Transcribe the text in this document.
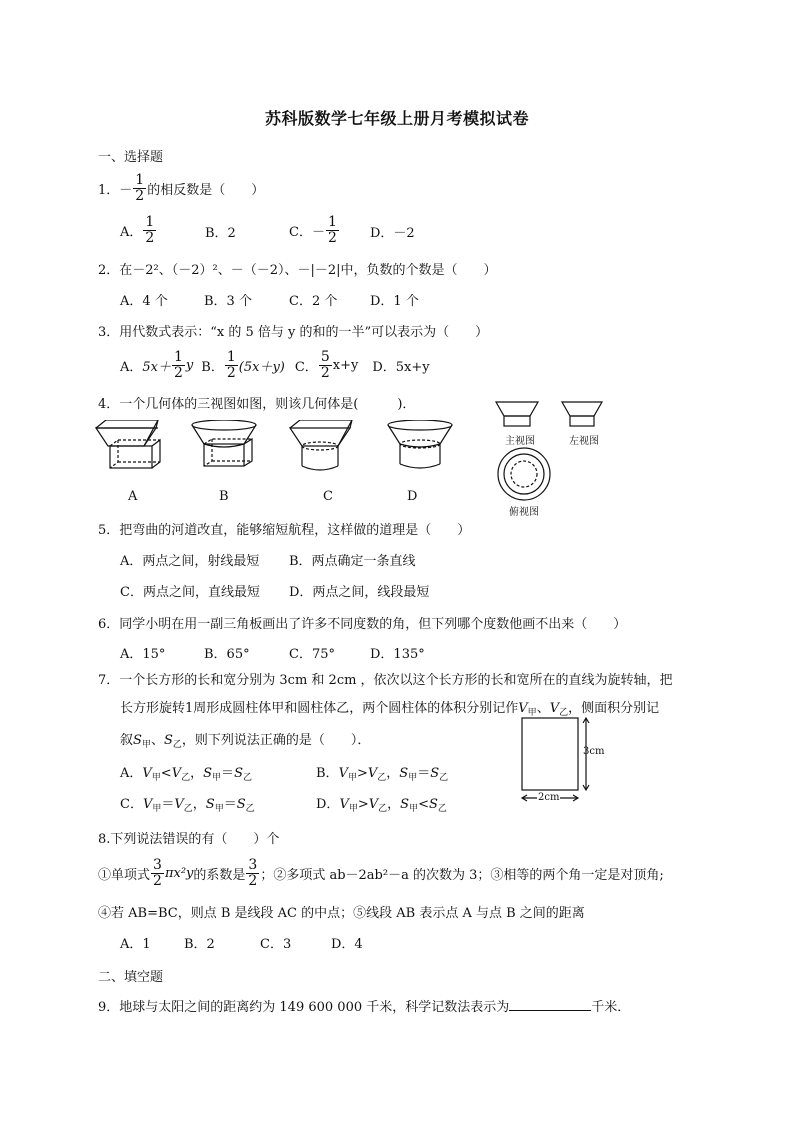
苏科版数学七年级上册月考模拟试卷
一、选择题
1． － $\frac{1}{2}$ 的相反数是（　　）
A． $\frac{1}{2}$	B．2	C．－ $\frac{1}{2}$ D．－2
2．在－2²、（－2）²、－（－2）、－|－2|中，负数的个数是（　　）
A．4 个	B．3 个	C．2 个	D．1 个
3．用代数式表示：“x 的 5 倍与 y 的和的一半”可以表示为（　　）
A． $5x+ \frac{1}{2}$ y B． $\frac{1}{2} (5x+y)$ C． $\frac{5}{2} x+y$ D．5x+y
4．一个几何体的三视图如图，则该几何体是(　　　)．
A	B	C	D
主视图	左视图
俯视图
5．把弯曲的河道改直，能够缩短航程，这样做的道理是（　　）
A．两点之间，射线最短 B．两点确定一条直线
C．两点之间，直线最短 D．两点之间，线段最短
6．同学小明在用一副三角板画出了许多不同度数的角，但下列哪个度数他画不出来（　　）
A．15°	B．65°	C．75°	D．135°
7．一个长方形的长和宽分别为 3cm 和 2cm ，依次以这个长方形的长和宽所在的直线为旋转轴，把
长方形旋转1周形成圆柱体甲和圆柱体乙，两个圆柱体的体积分别记作$V_甲$、$V_乙$，侧面积分别记
叙$S_甲$、$S_乙$，则下列说法正确的是（　　）．
A．$V_甲<V_乙$，$S_甲=S_乙$	B．$V_甲>V_乙$，$S_甲=S_乙$
C．$V_甲=V_乙$，$S_甲=S_乙$	D．$V_甲>V_乙$，$S_甲<S_乙$
3cm
2cm
8.下列说法错误的有（　　）个
①单项式 $\frac{3}{2} \pi x^2y$ 的系数是 $\frac{3}{2}$ ；②多项式 ab－2ab²－a 的次数为 3；③相等的两个角一定是对顶角;
④若 AB=BC，则点 B 是线段 AC 的中点；⑤线段 AB 表示点 A 与点 B 之间的距离
A．1	B．2	C．3	D．4
二、填空题
9．地球与太阳之间的距离约为 149 600 000 千米，科学记数法表示为	千米．
